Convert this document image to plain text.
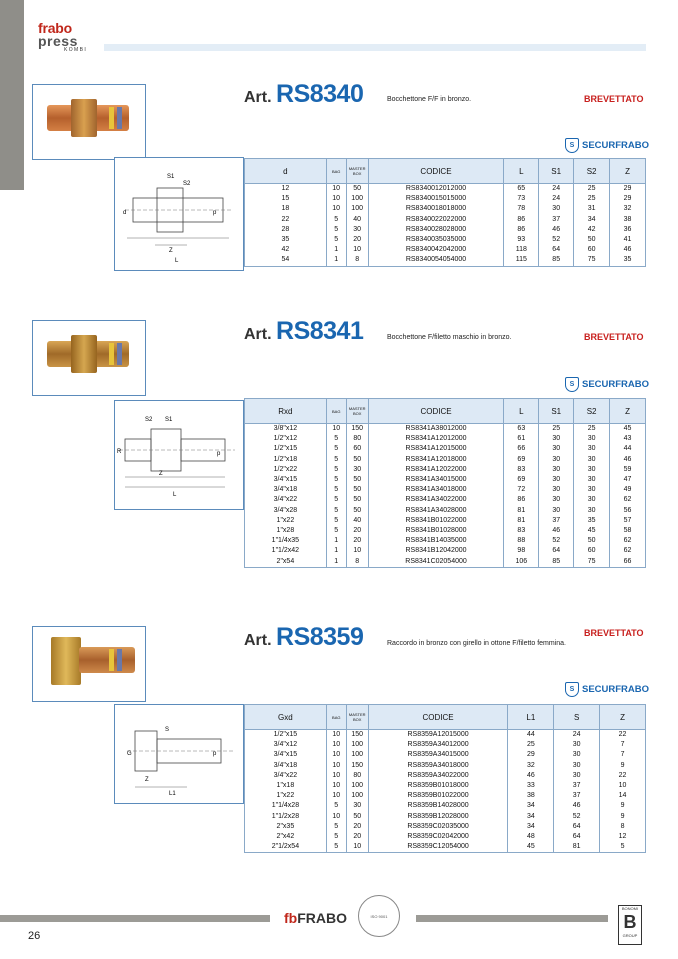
frabo
press
KOMBI
S1
S2
d	p
Z
L
Art. RS8340	Bocchettone F/F in bronzo.	BREVETTATO
S SECURFRABO
d	BAG	MASTER BOX	CODICE	L	S1	S2	Z
12	10	50	RS8340012012000	65	24	25	29
15	10	100	RS8340015015000	73	24	25	29
18	10	100	RS8340018018000	78	30	31	32
22	5	40	RS8340022022000	86	37	34	38
28	5	30	RS8340028028000	86	46	42	36
35	5	20	RS8340035035000	93	52	50	41
42	1	10	RS8340042042000	118	64	60	46
54	1	8	RS8340054054000	115	85	75	35
S2 S1
R	p
Z
L
Art. RS8341	Bocchettone F/filetto maschio in bronzo.	BREVETTATO
S SECURFRABO
Rxd	BAG	MASTER BOX	CODICE	L	S1	S2	Z
3/8"x12	10	150	RS8341A38012000	63	25	25	45
1/2"x12	5	80	RS8341A12012000	61	30	30	43
1/2"x15	5	60	RS8341A12015000	66	30	30	44
1/2"x18	5	50	RS8341A12018000	69	30	30	46
1/2"x22	5	30	RS8341A12022000	83	30	30	59
3/4"x15	5	50	RS8341A34015000	69	30	30	47
3/4"x18	5	50	RS8341A34018000	72	30	30	49
3/4"x22	5	50	RS8341A34022000	86	30	30	62
3/4"x28	5	50	RS8341A34028000	81	30	30	56
1"x22	5	40	RS8341B01022000	81	37	35	57
1"x28	5	20	RS8341B01028000	83	46	45	58
1"1/4x35	1	20	RS8341B14035000	88	52	50	62
1"1/2x42	1	10	RS8341B12042000	98	64	60	62
2"x54	1	8	RS8341C02054000	106	85	75	66
S
G	p
Z
L1
Art. RS8359	Raccordo in bronzo con girello in ottone F/filetto femmina.
BREVETTATO
S SECURFRABO
Gxd	BAG	MASTER BOX	CODICE	L1	S	Z
1/2"x15	10	150	RS8359A12015000	44	24	22
3/4"x12	10	100	RS8359A34012000	25	30	7
3/4"x15	10	100	RS8359A34015000	29	30	7
3/4"x18	10	150	RS8359A34018000	32	30	9
3/4"x22	10	80	RS8359A34022000	46	30	22
1"x18	10	100	RS8359B01018000	33	37	10
1"x22	10	100	RS8359B01022000	38	37	14
1"1/4x28	5	30	RS8359B14028000	34	46	9
1"1/2x28	10	50	RS8359B12028000	34	52	9
2"x35	5	20	RS8359C02035000	34	64	8
2"x42	5	20	RS8359C02042000	48	64	12
2"1/2x54	5	10	RS8359C12054000	45	81	5
fbFRABO	ISO 9001
BONOMI
B
GROUP
26
